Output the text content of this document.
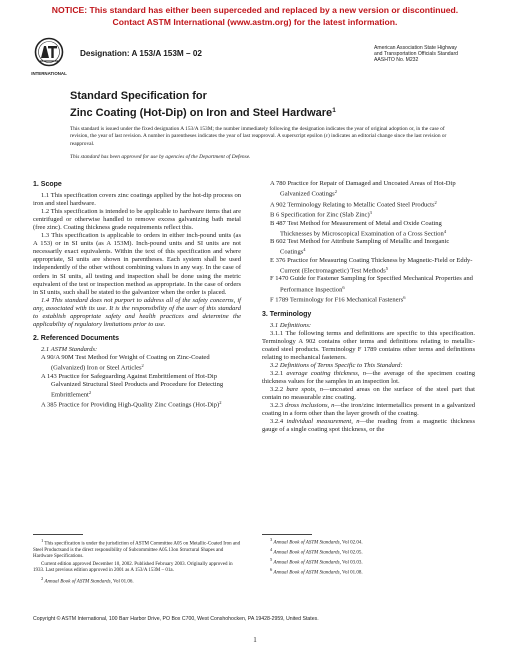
NOTICE: This standard has either been superceded and replaced by a new version or discontinued.
Contact ASTM International (www.astm.org) for the latest information.
INTERNATIONAL
Designation: A 153/A 153M – 02
American Association State Highway
and Transportation Officials Standard
AASHTO No. M232
Standard Specification for
Zinc Coating (Hot-Dip) on Iron and Steel Hardware$^1$
This standard is issued under the fixed designation A 153/A 153M; the number immediately following the designation indicates the year of original adoption or, in the case of revision, the year of last revision. A number in parentheses indicates the year of last reapproval. A superscript epsilon (ε) indicates an editorial change since the last revision or reapproval.
This standard has been approved for use by agencies of the Department of Defense.
1. Scope
1.1 This specification covers zinc coatings applied by the hot-dip process on iron and steel hardware.
1.2 This specification is intended to be applicable to hardware items that are centrifuged or otherwise handled to remove excess galvanizing bath metal (free zinc). Coating thickness grade requirements reflect this.
1.3 This specification is applicable to orders in either inch-pound units (as A 153) or in SI units (as A 153M). Inch-pound units and SI units are not necessarily exact equivalents. Within the text of this specification and where appropriate, SI units are shown in parentheses. Each system shall be used independently of the other without combining values in any way. In the case of orders in SI units, all testing and inspection shall be done using the metric equivalent of the test or inspection method as appropriate. In the case of orders in SI units, such shall be stated to the galvanizer when the order is placed.
1.4 This standard does not purport to address all of the safety concerns, if any, associated with its use. It is the responsibility of the user of this standard to establish appropriate safety and health practices and determine the applicability of regulatory limitations prior to use.
2. Referenced Documents
2.1 ASTM Standards:
A 90/A 90M Test Method for Weight of Coating on Zinc-Coated (Galvanized) Iron or Steel Articles$^2$
A 143 Practice for Safeguarding Against Embrittlement of Hot-Dip Galvanized Structural Steel Products and Procedure for Detecting Embrittlement$^2$
A 385 Practice for Providing High-Quality Zinc Coatings $(Hot-Dip)^2$
A 780 Practice for Repair of Damaged and Uncoated Areas of Hot-Dip Galvanized Coatings$^2$
A 902 Terminology Relating to Metallic Coated Steel Products$^2$
B 6 Specification for Zinc (Slab Zinc)$^3$
B 487 Test Method for Measurement of Metal and Oxide Coating Thicknesses by Microscopical Examination of a Cross Section$^4$
B 602 Test Method for Attribute Sampling of Metallic and Inorganic Coatings$^4$
E 376 Practice for Measuring Coating Thickness by Magnetic-Field or Eddy-Current (Electromagnetic) Test Methods$^5$
F 1470 Guide for Fastener Sampling for Specified Mechanical Properties and Performance Inspection$^6$
F 1789 Terminology for F16 Mechanical Fasteners$^6$
3. Terminology
3.1 Definitions:
3.1.1 The following terms and definitions are specific to this specification. Terminology A 902 contains other terms and definitions relating to metallic-coated steel products. Terminology F 1789 contains other terms and definitions relating to mechanical fasteners.
3.2 Definitions of Terms Specific to This Standard:
3.2.1 average coating thickness, n—the average of the specimen coating thickness values for the samples in an inspection lot.
3.2.2 bare spots, n—uncoated areas on the surface of the steel part that contain no measurable zinc coating.
3.2.3 dross inclusions, n—the iron/zinc intermetallics present in a galvanized coating in a form other than the layer growth of the coating.
3.2.4 individual measurement, n—the reading from a magnetic thickness gauge of a single coating spot thickness, or the
$^1$ This specification is under the jurisdiction of ASTM Committee A05 on Metallic-Coated Iron and Steel Productsand is the direct responsibility of Subcommittee A05.13on Structural Shapes and Hardware Specifications.
Current edition approved December 10, 2002. Published February 2003. Originally approved in 1933. Last previous edition approved in 2001 as A 153/A 153M – 01a.
$^2$ Annual Book of ASTM Standards, Vol 01.06.
$^3$ Annual Book of ASTM Standards, Vol 02.04.
$^4$ Annual Book of ASTM Standards, Vol 02.05.
$^5$ Annual Book of ASTM Standards, Vol 03.03.
$^6$ Annual Book of ASTM Standards, Vol 01.08.
Copyright © ASTM International, 100 Barr Harbor Drive, PO Box C700, West Conshohocken, PA 19428-2959, United States.
1
